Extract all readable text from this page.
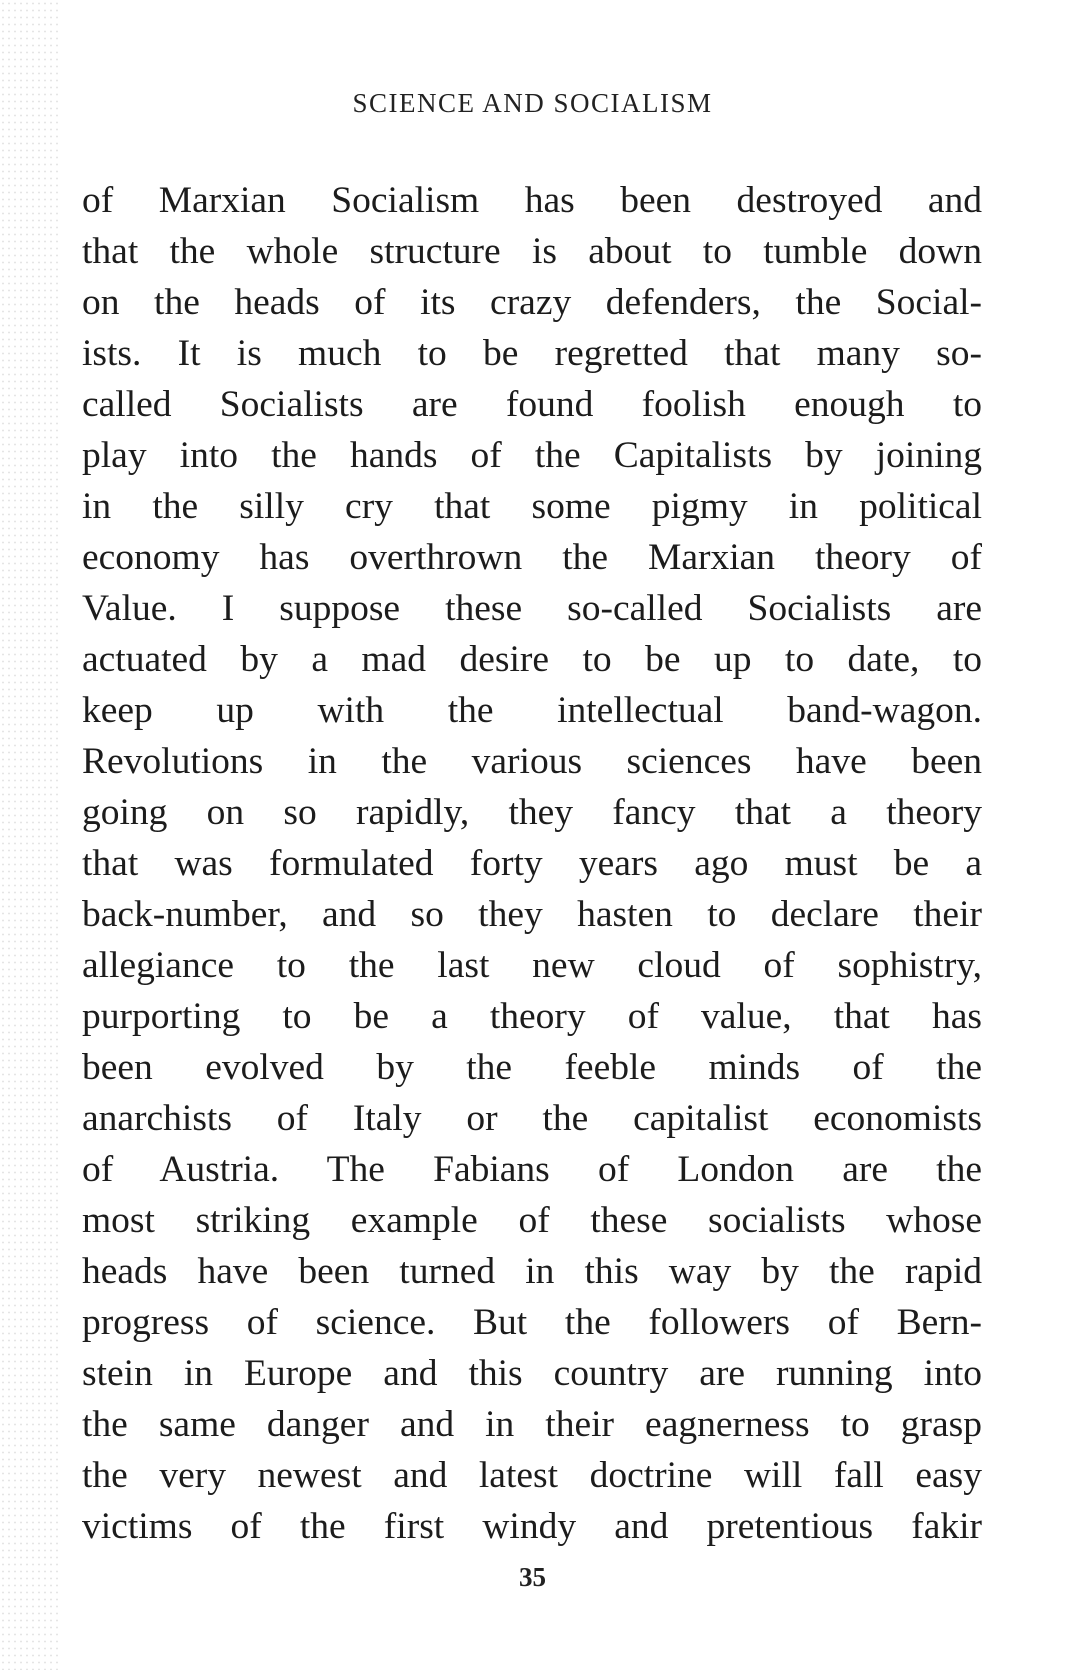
SCIENCE AND SOCIALISM
of Marxian Socialism has been destroyed and
that the whole structure is about to tumble down
on the heads of its crazy defenders, the Social-
ists. It is much to be regretted that many so-
called Socialists are found foolish enough to
play into the hands of the Capitalists by joining
in the silly cry that some pigmy in political
economy has overthrown the Marxian theory of
Value. I suppose these so-called Socialists are
actuated by a mad desire to be up to date, to
keep up with the intellectual band-wagon.
Revolutions in the various sciences have been
going on so rapidly, they fancy that a theory
that was formulated forty years ago must be a
back-number, and so they hasten to declare their
allegiance to the last new cloud of sophistry,
purporting to be a theory of value, that has
been evolved by the feeble minds of the
anarchists of Italy or the capitalist economists
of Austria. The Fabians of London are the
most striking example of these socialists whose
heads have been turned in this way by the rapid
progress of science. But the followers of Bern-
stein in Europe and this country are running into
the same danger and in their eagnerness to grasp
the very newest and latest doctrine will fall easy
victims of the first windy and pretentious fakir
35
